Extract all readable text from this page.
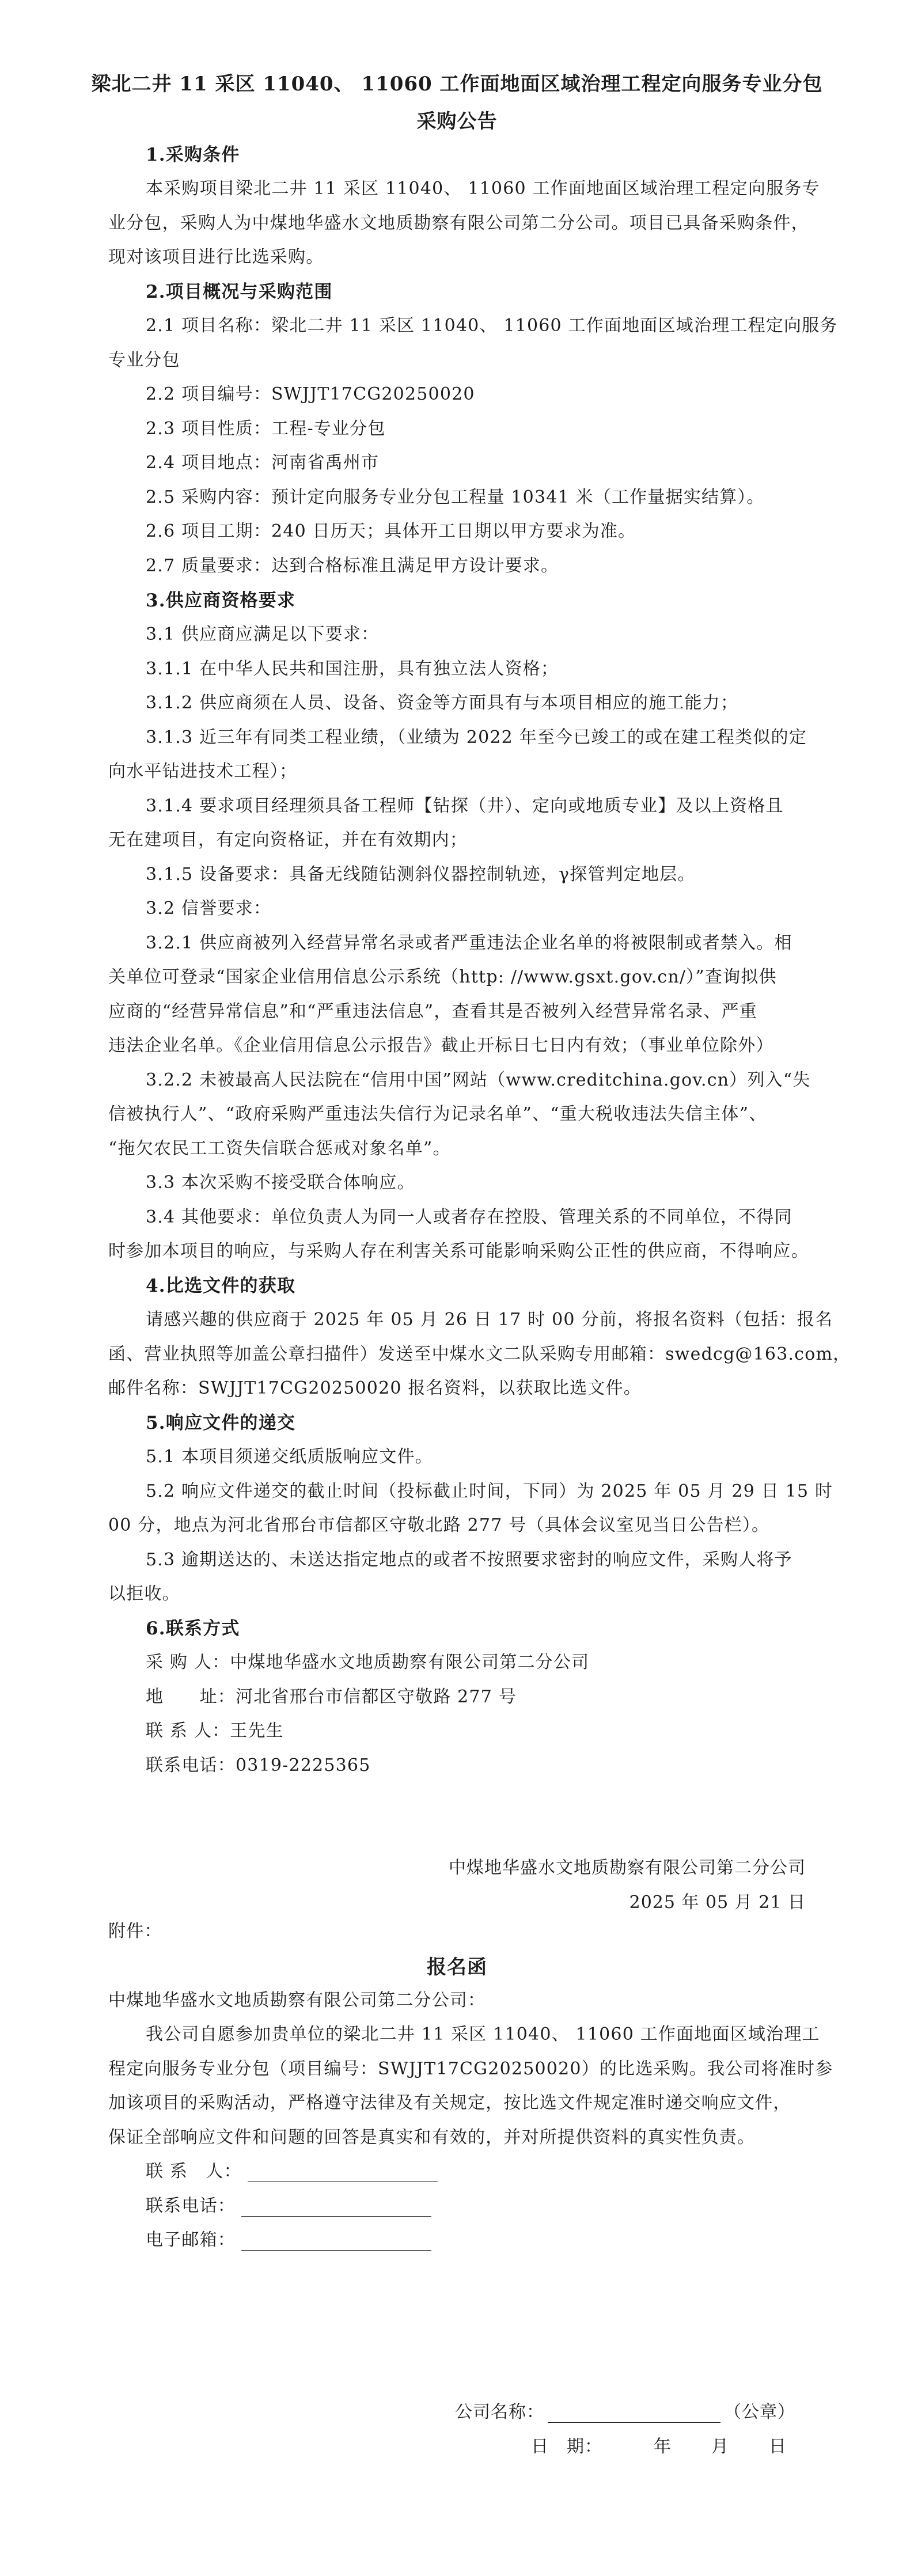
梁北二井 11 采区 11040、 11060 工作面地面区域治理工程定向服务专业分包
采购公告
1.采购条件
本采购项目梁北二井 11 采区 11040、 11060 工作面地面区域治理工程定向服务专
业分包，采购人为中煤地华盛水文地质勘察有限公司第二分公司。项目已具备采购条件，
现对该项目进行比选采购。
2.项目概况与采购范围
2.1 项目名称：梁北二井 11 采区 11040、 11060 工作面地面区域治理工程定向服务
专业分包
2.2 项目编号：SWJJT17CG20250020
2.3 项目性质：工程-专业分包
2.4 项目地点：河南省禹州市
2.5 采购内容：预计定向服务专业分包工程量 10341 米（工作量据实结算）。
2.6 项目工期：240 日历天；具体开工日期以甲方要求为准。
2.7 质量要求：达到合格标准且满足甲方设计要求。
3.供应商资格要求
3.1 供应商应满足以下要求：
3.1.1 在中华人民共和国注册，具有独立法人资格；
3.1.2 供应商须在人员、设备、资金等方面具有与本项目相应的施工能力；
3.1.3 近三年有同类工程业绩，（业绩为 2022 年至今已竣工的或在建工程类似的定
向水平钻进技术工程）；
3.1.4 要求项目经理须具备工程师【钻探（井）、定向或地质专业】及以上资格且
无在建项目，有定向资格证，并在有效期内；
3.1.5 设备要求：具备无线随钻测斜仪器控制轨迹，γ探管判定地层。
3.2 信誉要求：
3.2.1 供应商被列入经营异常名录或者严重违法企业名单的将被限制或者禁入。相
关单位可登录“国家企业信用信息公示系统（http: //www.gsxt.gov.cn/）”查询拟供
应商的“经营异常信息”和“严重违法信息”，查看其是否被列入经营异常名录、严重
违法企业名单。《企业信用信息公示报告》截止开标日七日内有效；（事业单位除外）
3.2.2 未被最高人民法院在“信用中国”网站（www.creditchina.gov.cn）列入“失
信被执行人”、“政府采购严重违法失信行为记录名单”、“重大税收违法失信主体”、
“拖欠农民工工资失信联合惩戒对象名单”。
3.3 本次采购不接受联合体响应。
3.4 其他要求：单位负责人为同一人或者存在控股、管理关系的不同单位，不得同
时参加本项目的响应，与采购人存在利害关系可能影响采购公正性的供应商，不得响应。
4.比选文件的获取
请感兴趣的供应商于 2025 年 05 月 26 日 17 时 00 分前，将报名资料（包括：报名
函、营业执照等加盖公章扫描件）发送至中煤水文二队采购专用邮箱：swedcg@163.com，
邮件名称：SWJJT17CG20250020 报名资料，以获取比选文件。
5.响应文件的递交
5.1 本项目须递交纸质版响应文件。
5.2 响应文件递交的截止时间（投标截止时间，下同）为 2025 年 05 月 29 日 15 时
00 分，地点为河北省邢台市信都区守敬北路 277 号（具体会议室见当日公告栏）。
5.3 逾期送达的、未送达指定地点的或者不按照要求密封的响应文件，采购人将予
以拒收。
6.联系方式
采 购 人：中煤地华盛水文地质勘察有限公司第二分公司
地　　址：河北省邢台市信都区守敬路 277 号
联 系 人：王先生
联系电话：0319-2225365
中煤地华盛水文地质勘察有限公司第二分公司
2025 年 05 月 21 日
附件：
报名函
中煤地华盛水文地质勘察有限公司第二分公司：
我公司自愿参加贵单位的梁北二井 11 采区 11040、 11060 工作面地面区域治理工
程定向服务专业分包（项目编号：SWJJT17CG20250020）的比选采购。我公司将准时参
加该项目的采购活动，严格遵守法律及有关规定，按比选文件规定准时递交响应文件，
保证全部响应文件和问题的回答是真实和有效的，并对所提供资料的真实性负责。
联 系　人：
联系电话：
电子邮箱：
公司名称：	（公章）
日　期：	年 月 日
